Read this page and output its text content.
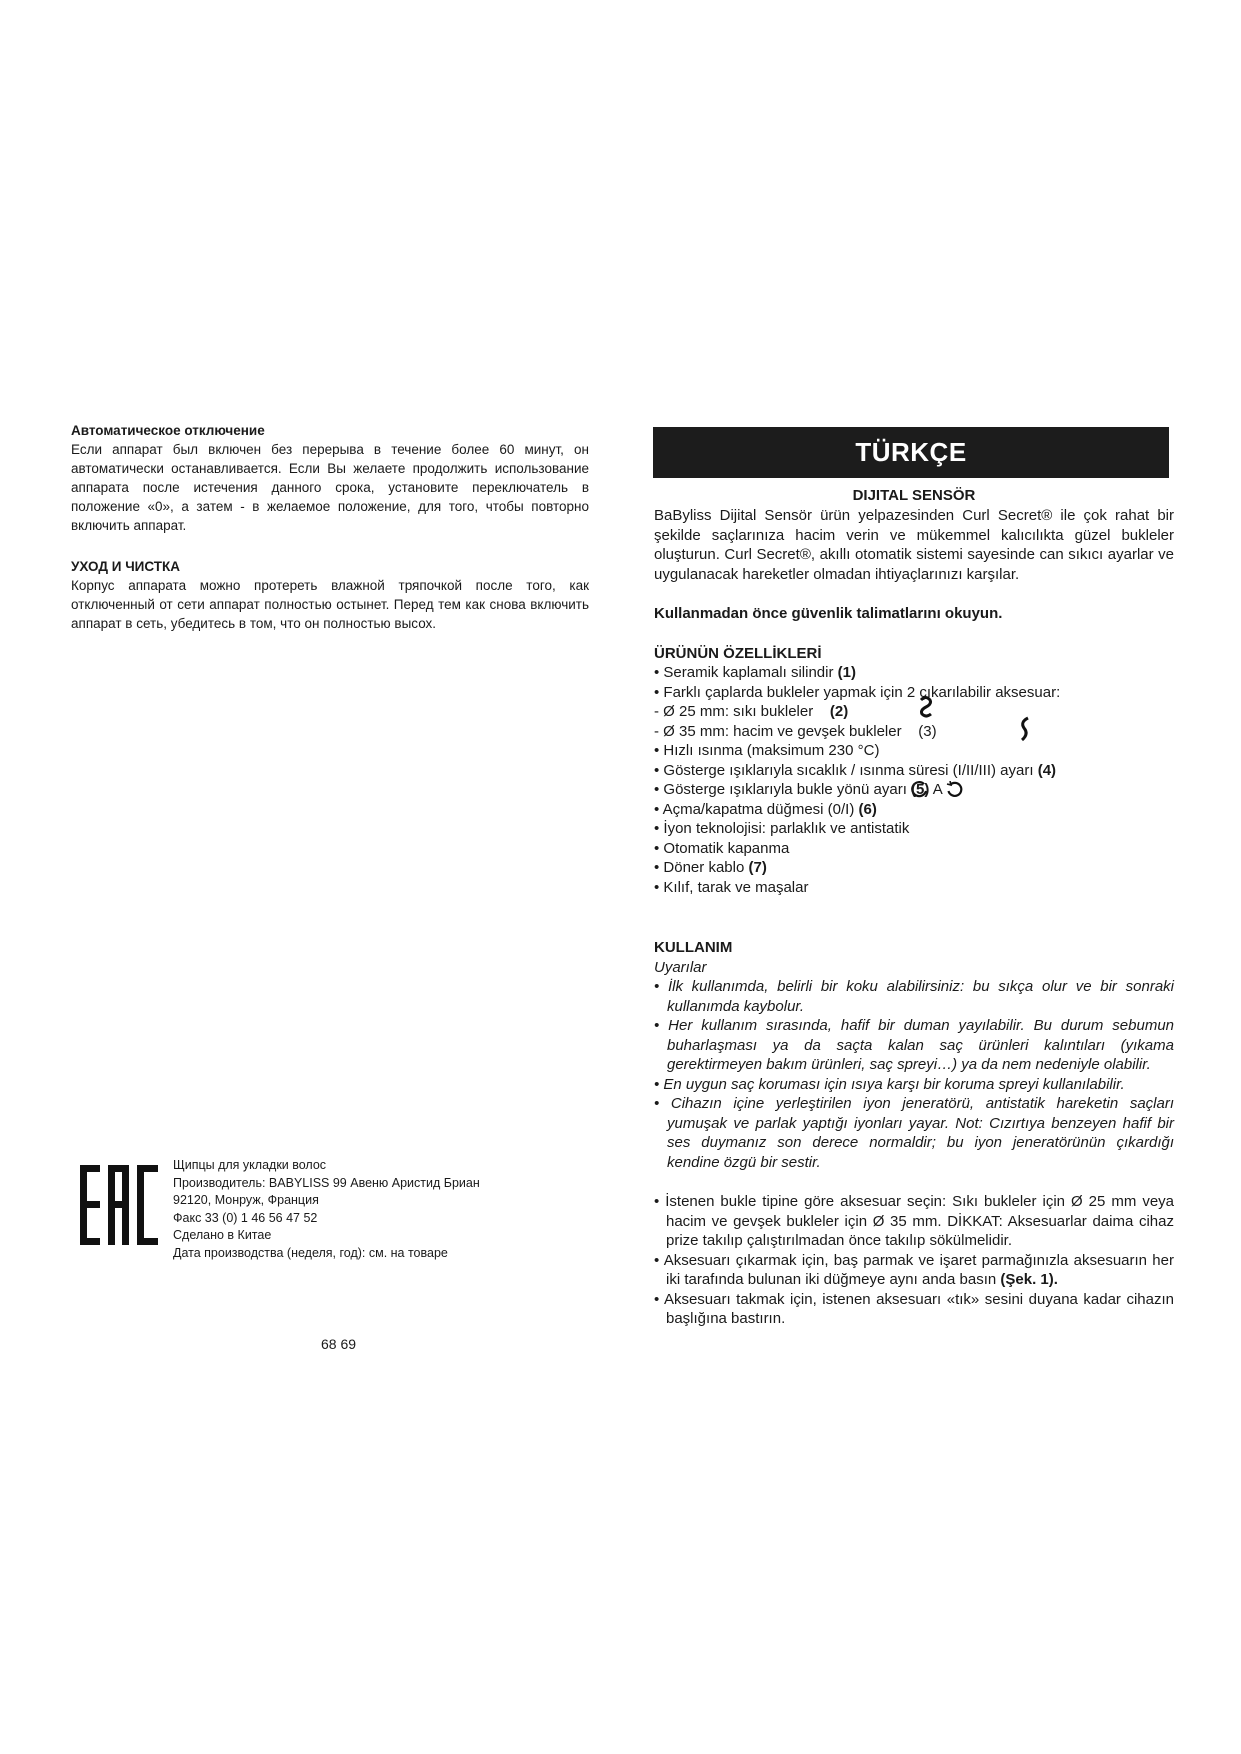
Автоматическое отключение

Если аппарат был включен без перерыва в течение более 60 минут, он автоматически останавливается. Если Вы желаете продолжить использование аппарата после истечения данного срока, установите переключатель в положение «0», а затем - в желаемое положение, для того, чтобы повторно включить аппарат.

УХОД И ЧИСТКА

Корпус аппарата можно протереть влажной тряпочкой после того, как отключенный от сети аппарат полностью остынет. Перед тем как снова включить аппарат в сеть, убедитесь в том, что он полностью высох.

Щипцы для укладки волос
Производитель: BABYLISS 99 Авеню Аристид Бриан
92120, Монруж, Франция
Факс 33 (0) 1 46 56 47 52
Сделано в Китае
Дата производства (неделя, год): см. на товаре
68 69
TÜRKÇE

DIJITAL SENSÖR

BaByliss Dijital Sensör ürün yelpazesinden Curl Secret® ile çok rahat bir şekilde saçlarınıza hacim verin ve mükemmel kalıcılıkta güzel bukleler oluşturun. Curl Secret®, akıllı otomatik sistemi sayesinde can sıkıcı ayarlar ve uygulanacak hareketler olmadan ihtiyaçlarınızı karşılar.

Kullanmadan önce güvenlik talimatlarını okuyun.

ÜRÜNÜN ÖZELLİKLERİ

• Seramik kaplamalı silindir (1)

• Farklı çaplarda bukleler yapmak için 2 çıkarılabilir aksesuar:

- Ø 25 mm: sıkı bukleler (2)

- Ø 35 mm: hacim ve gevşek bukleler (3)

• Hızlı ısınma (maksimum 230 °C)

• Gösterge ışıklarıyla sıcaklık / ısınma süresi (I/II/III) ayarı (4)

• Gösterge ışıklarıyla bukle yönü ayarı (5) A

• Açma/kapatma düğmesi (0/I) (6)

• İyon teknolojisi: parlaklık ve antistatik

• Otomatik kapanma

• Döner kablo (7)

• Kılıf, tarak ve maşalar

KULLANIM

Uyarılar

• İlk kullanımda, belirli bir koku alabilirsiniz: bu sıkça olur ve bir sonraki kullanımda kaybolur.

• Her kullanım sırasında, hafif bir duman yayılabilir. Bu durum sebumun buharlaşması ya da saçta kalan saç ürünleri kalıntıları (yıkama gerektirmeyen bakım ürünleri, saç spreyi…) ya da nem nedeniyle olabilir.

• En uygun saç koruması için ısıya karşı bir koruma spreyi kullanılabilir.

• Cihazın içine yerleştirilen iyon jeneratörü, antistatik hareketin saçları yumuşak ve parlak yaptığı iyonları yayar. Not: Cızırtıya benzeyen hafif bir ses duymanız son derece normaldir; bu iyon jeneratörünün çıkardığı kendine özgü bir sestir.

• İstenen bukle tipine göre aksesuar seçin: Sıkı bukleler için Ø 25 mm veya hacim ve gevşek bukleler için Ø 35 mm. DİKKAT: Aksesuarlar daima cihaz prize takılıp çalıştırılmadan önce takılıp sökülmelidir.

• Aksesuarı çıkarmak için, baş parmak ve işaret parmağınızla aksesuarın her iki tarafında bulunan iki düğmeye aynı anda basın (Şek. 1).

• Aksesuarı takmak için, istenen aksesuarı «tık» sesini duyana kadar cihazın başlığına bastırın.
